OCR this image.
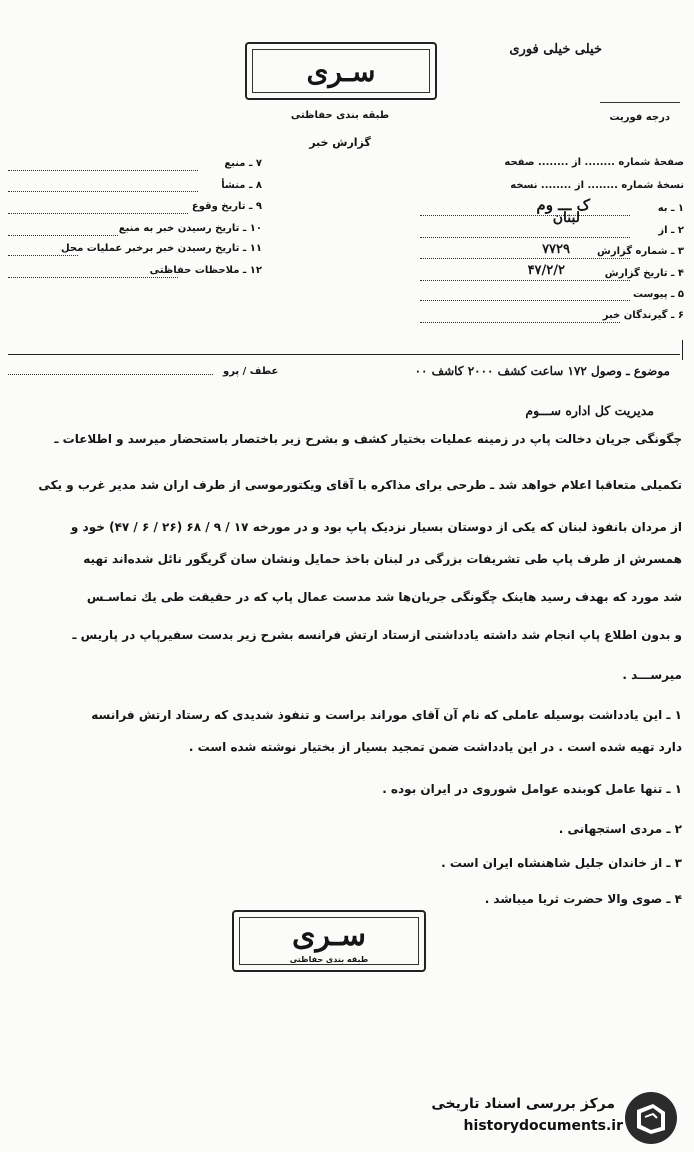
سـری
طبقه بندی حفاظتی
گزارش خبر
خیلی خیلی فوری
درجه فوریت
۷ ـ منبع
۸ ـ منشأ
۹ ـ تاریخ وقوع
۱۰ ـ تاریخ رسیدن خبر به منبع
۱۱ ـ تاریخ رسیدن خبر برخبر عملیات محل
۱۲ ـ ملاحظات حفاظتی
صفحهٔ شماره ........ از ........ صفحه
نسخهٔ شماره ........ از ........ نسخه
۱ ـ به
ک ـــ وم
۲ ـ از
لبنان
۳ ـ شماره گزارش
۷۷۲۹
۴ ـ تاریخ گزارش
۴۷/۲/۲
۵ ـ پیوست
۶ ـ گیرندگان خبر
موضوع ـ وصول ۱۷۲ ساعت کشف ۲۰۰۰ کاشف ۰۰
عطف / پرو
مدیریت کل اداره ســـوم
چگونگی جریان دخالت پاپ در زمینه عملیات بختیار کشف و بشرح زیر باختصار باستحضار میرسد و اطلاعات ـ
تکمیلی متعاقبا اعلام خواهد شد ـ طرحی برای مذاکره با آقای ویکتورموسی از طرف اران شد مدیر غرب و یکی
از مردان بانفوذ لبنان که یکی از دوستان بسیار نزدیک پاپ بود و در مورخه ۱۷ / ۹ / ۶۸ (۲۶ / ۶ / ۴۷) خود و
همسرش از طرف پاپ طی تشریفات بزرگی در لبنان باخذ حمایل ونشان سان گریگور نائل شده‌اند تهیه
شد مورد که بهدف رسید هاینک چگونگی جریان‌ها شد مدست عمال پاپ که در حقیقت طی یك تماسـس
و بدون اطلاع پاپ انجام شد داشته یادداشتی ازستاد ارتش فرانسه بشرح زیر بدست سفیرپاپ در پاریس ـ
میرســـد .
۱ ـ این یادداشت بوسیله عاملی که نام آن آقای موراند براست و تنفوذ شدیدی که رستاد ارتش فرانسه
دارد تهیه شده است . در این یادداشت ضمن تمجید بسیار از بختیار نوشته شده است .
۱ ـ تنها عامل کوبنده عوامل شوروی در ایران بوده .
۲ ـ مردی استجهانی .
۳ ـ از خاندان جلیل شاهنشاه ایران است .
۴ ـ صوی والا حضرت ثریا میباشد .
سـری
طبقه بندی حفاظتی
مرکز بررسی اسناد تاریخی
historydocuments.ir
